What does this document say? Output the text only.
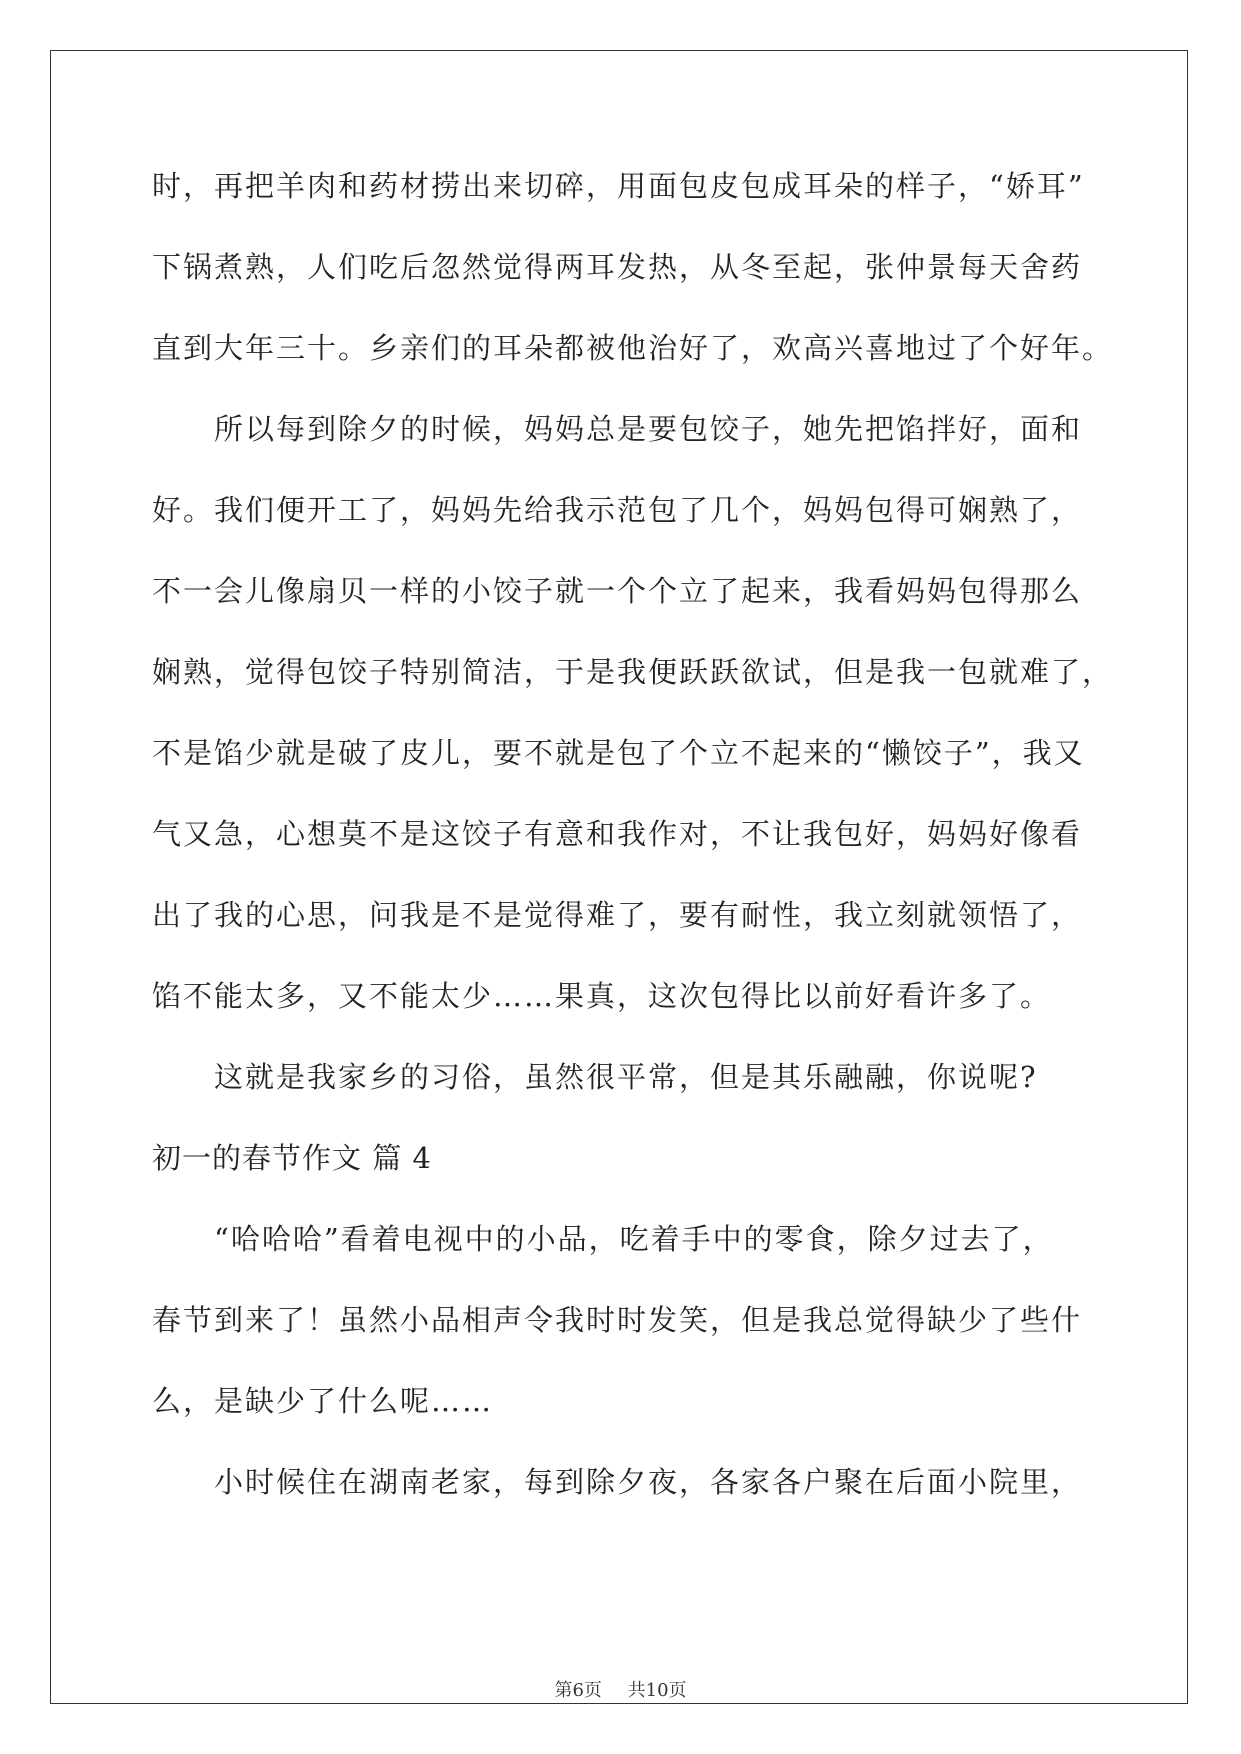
时，再把羊肉和药材捞出来切碎，用面包皮包成耳朵的样子，“娇耳”
下锅煮熟，人们吃后忽然觉得两耳发热，从冬至起，张仲景每天舍药
直到大年三十。乡亲们的耳朵都被他治好了，欢高兴喜地过了个好年。
所以每到除夕的时候，妈妈总是要包饺子，她先把馅拌好，面和
好。我们便开工了，妈妈先给我示范包了几个，妈妈包得可娴熟了，
不一会儿像扇贝一样的小饺子就一个个立了起来，我看妈妈包得那么
娴熟，觉得包饺子特别简洁，于是我便跃跃欲试，但是我一包就难了，
不是馅少就是破了皮儿，要不就是包了个立不起来的“懒饺子”，我又
气又急，心想莫不是这饺子有意和我作对，不让我包好，妈妈好像看
出了我的心思，问我是不是觉得难了，要有耐性，我立刻就领悟了，
馅不能太多，又不能太少……果真，这次包得比以前好看许多了。
这就是我家乡的习俗，虽然很平常，但是其乐融融，你说呢?
初一的春节作文 篇 4
“哈哈哈”看着电视中的小品，吃着手中的零食，除夕过去了，
春节到来了！虽然小品相声令我时时发笑，但是我总觉得缺少了些什
么，是缺少了什么呢……
小时候住在湖南老家，每到除夕夜，各家各户聚在后面小院里，
第6页 共10页
